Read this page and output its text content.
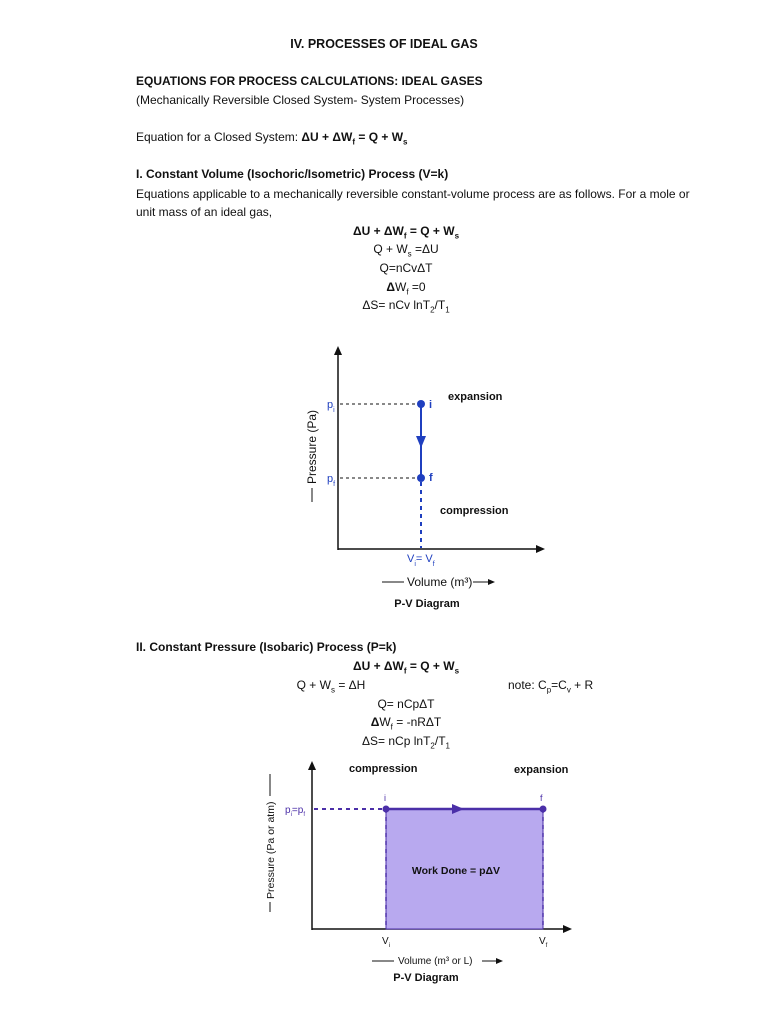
IV. PROCESSES OF IDEAL GAS
EQUATIONS FOR PROCESS CALCULATIONS: IDEAL GASES
(Mechanically Reversible Closed System- System Processes)
Equation for a Closed System: $\Delta U + \Delta W_f = Q + W_s$
I. Constant Volume (Isochoric/Isometric) Process (V=k)
Equations applicable to a mechanically reversible constant-volume process are as follows. For a mole or unit mass of an ideal gas,
$\Delta U + \Delta W_f = Q + W_s$
$Q + W_s =\Delta U$
Q=nCvΔT
$\Delta W_f =0$
ΔS= nCv $\ln T_2/T_1$
$p_i$
$p_f$
i
f
expansion
compression
$V_i= V_f$
Pressure (Pa)
Volume (m³)
P-V Diagram
II. Constant Pressure (Isobaric) Process (P=k)
$\Delta U + \Delta W_f = Q + W_s$
$Q + W_s = \Delta H$	note: $C_p=C_v + R$
Q= nCpΔT
$\Delta W_f = -nR\Delta T$
ΔS= nCp $\ln T_2/T_1$
i	f
$p_i=p_f$
compression	expansion
Work Done = pΔV
$V_i$	$V_f$
Pressure (Pa or atm)
Volume (m³ or L)
P-V Diagram
